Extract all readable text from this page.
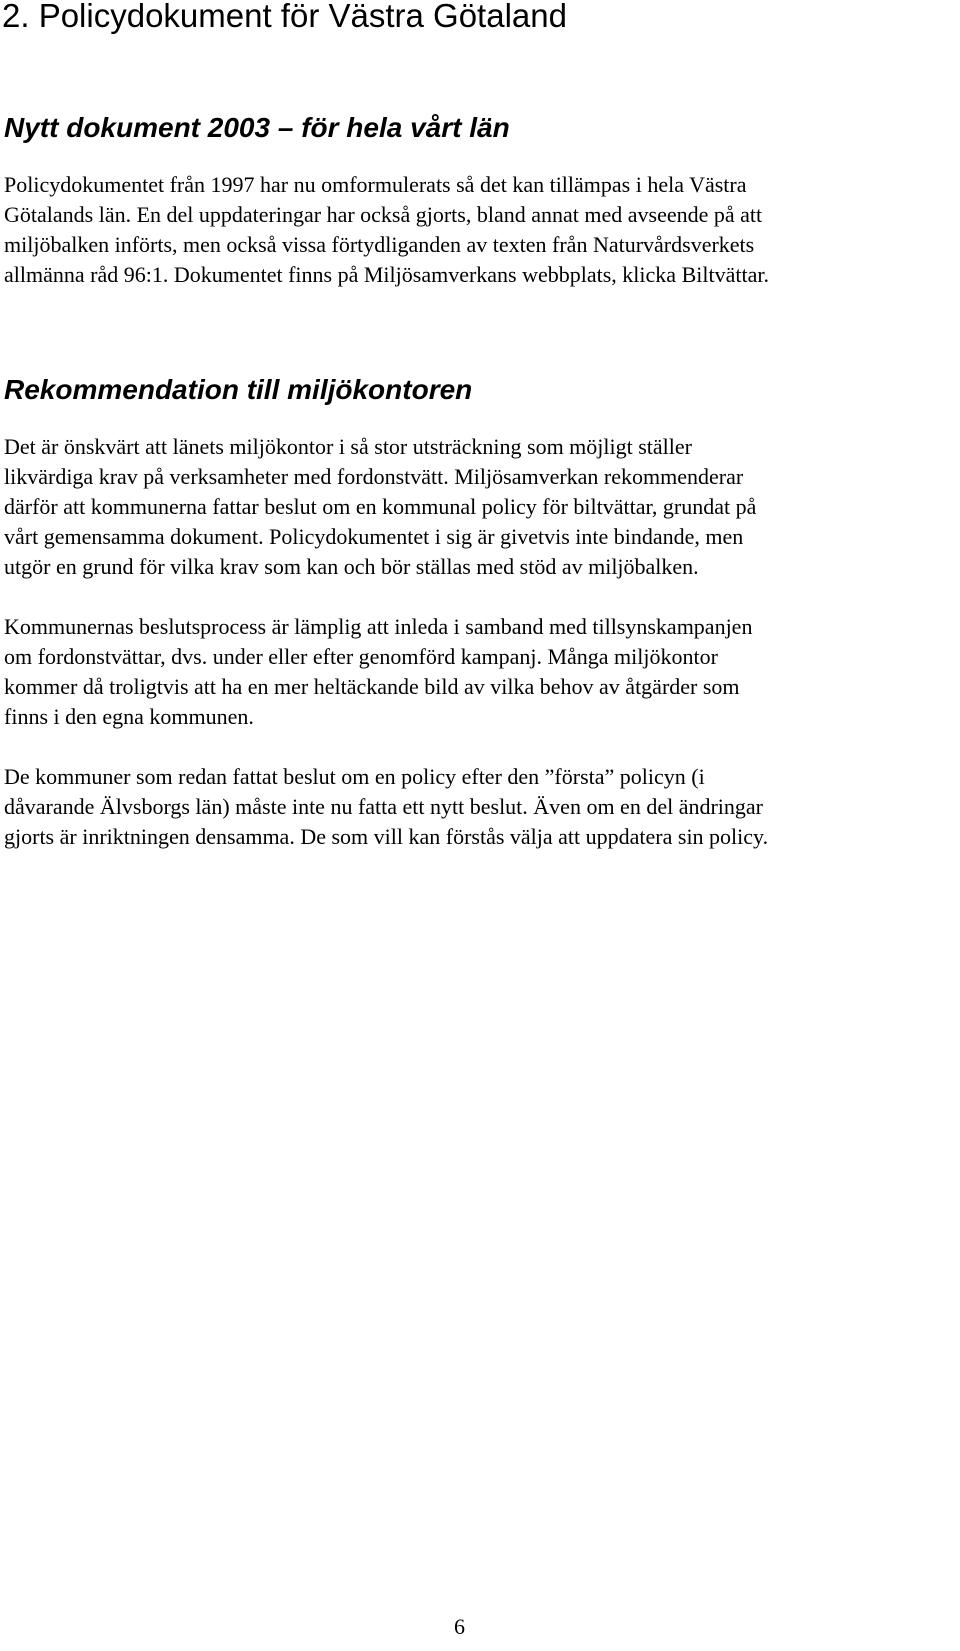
2. Policydokument för Västra Götaland
Nytt dokument 2003 – för hela vårt län
Policydokumentet från 1997 har nu omformulerats så det kan tillämpas i hela Västra
Götalands län. En del uppdateringar har också gjorts, bland annat med avseende på att
miljöbalken införts, men också vissa förtydliganden av texten från Naturvårdsverkets
allmänna råd 96:1. Dokumentet finns på Miljösamverkans webbplats, klicka Biltvättar.
Rekommendation till miljökontoren
Det är önskvärt att länets miljökontor i så stor utsträckning som möjligt ställer
likvärdiga krav på verksamheter med fordonstvätt. Miljösamverkan rekommenderar
därför att kommunerna fattar beslut om en kommunal policy för biltvättar, grundat på
vårt gemensamma dokument. Policydokumentet i sig är givetvis inte bindande, men
utgör en grund för vilka krav som kan och bör ställas med stöd av miljöbalken.
Kommunernas beslutsprocess är lämplig att inleda i samband med tillsynskampanjen
om fordonstvättar, dvs. under eller efter genomförd kampanj. Många miljökontor
kommer då troligtvis att ha en mer heltäckande bild av vilka behov av åtgärder som
finns i den egna kommunen.
De kommuner som redan fattat beslut om en policy efter den ”första” policyn (i
dåvarande Älvsborgs län) måste inte nu fatta ett nytt beslut. Även om en del ändringar
gjorts är inriktningen densamma. De som vill kan förstås välja att uppdatera sin policy.
6
